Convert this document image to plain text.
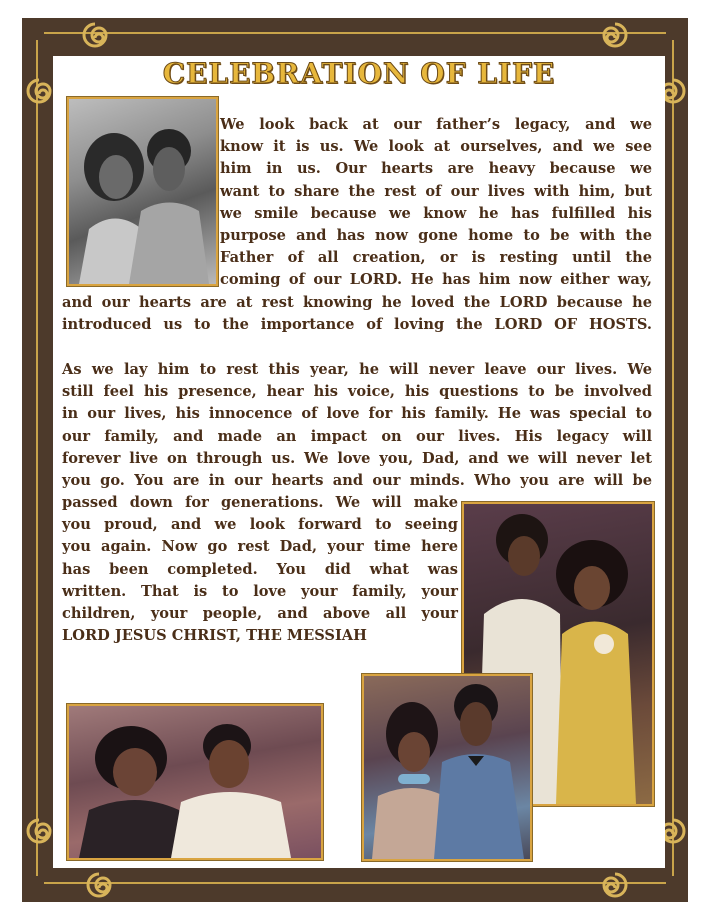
CELEBRATION OF LIFE

We look back at our father’s legacy, and we
know it is us. We look at ourselves, and we see
him in us. Our hearts are heavy because we
want to share the rest of our lives with him, but
we smile because we know he has fulfilled his
purpose and has now gone home to be with the
Father of all creation, or is resting until the
coming of our LORD. He has him now either way,

and our hearts are at rest knowing he loved the LORD because he
introduced us to the importance of loving the LORD OF HOSTS.

As we lay him to rest this year, he will never leave our lives. We
still feel his presence, hear his voice, his questions to be involved
in our lives, his innocence of love for his family. He was special to
our family, and made an impact on our lives. His legacy will
forever live on through us. We love you, Dad, and we will never let
you go. You are in our hearts and our minds. Who you are will be

passed down for generations. We will make
you proud, and we look forward to seeing
you again. Now go rest Dad, your time here
has been completed. You did what was
written. That is to love your family, your
children, your people, and above all your
LORD JESUS CHRIST, THE MESSIAH
